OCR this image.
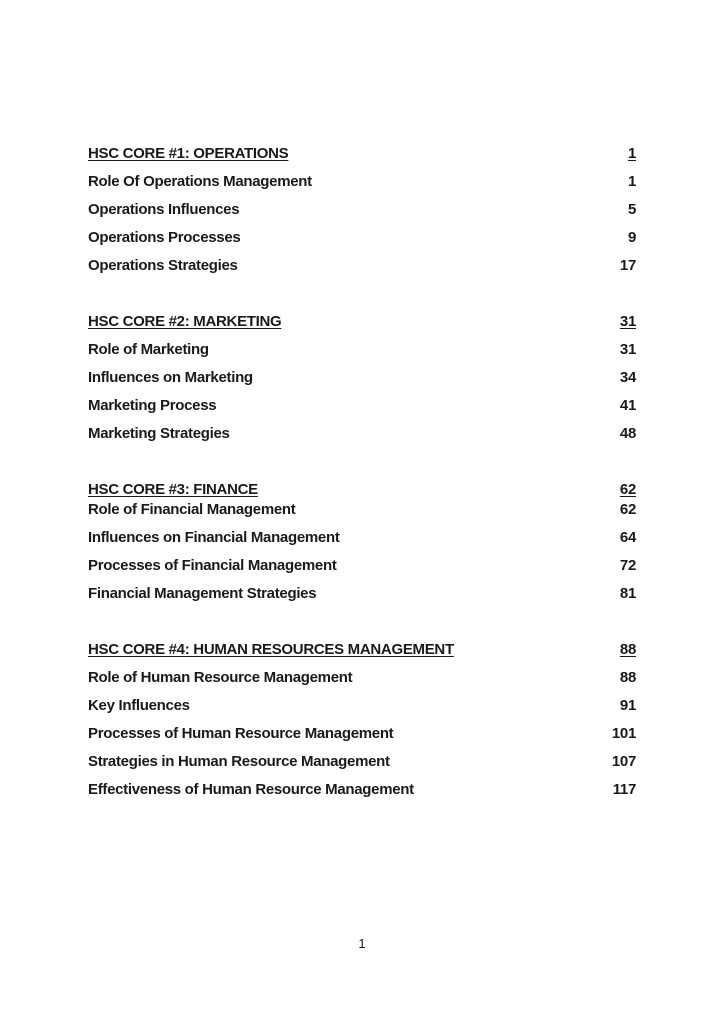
HSC CORE #1: OPERATIONS	1
Role Of Operations Management	1
Operations Influences	5
Operations Processes	9
Operations Strategies	17
HSC CORE #2: MARKETING	31
Role of Marketing	31
Influences on Marketing	34
Marketing Process	41
Marketing Strategies	48
HSC CORE #3: FINANCE	62
Role of Financial Management	62
Influences on Financial Management	64
Processes of Financial Management	72
Financial Management Strategies	81
HSC CORE #4: HUMAN RESOURCES MANAGEMENT	88
Role of Human Resource Management	88
Key Influences	91
Processes of Human Resource Management	101
Strategies in Human Resource Management	107
Effectiveness of Human Resource Management	117
1
